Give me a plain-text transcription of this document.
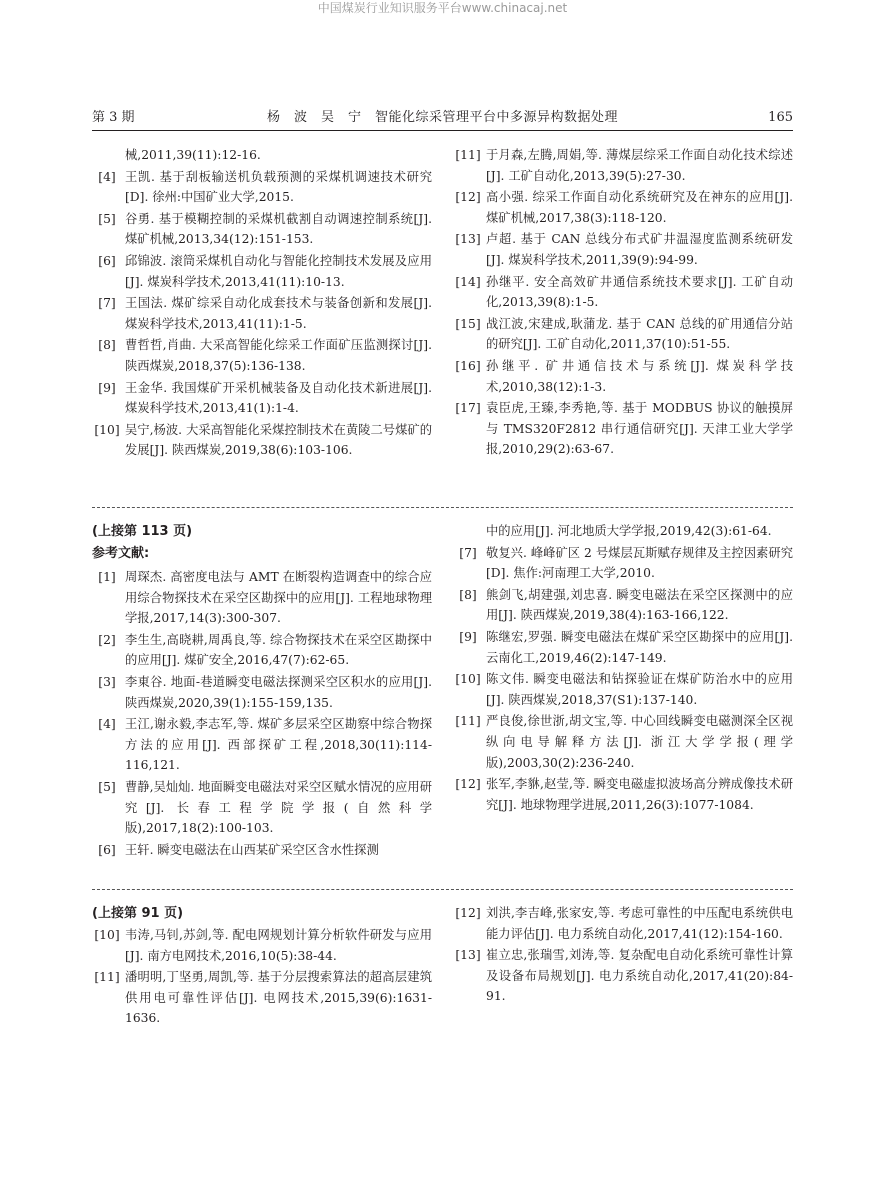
中国煤炭行业知识服务平台www.chinacaj.net
第 3 期	杨　波　吴　宁　智能化综采管理平台中多源异构数据处理	165
械,2011,39(11):12-16.
[4] 王凯. 基于刮板输送机负载预测的采煤机调速技术研究[D]. 徐州:中国矿业大学,2015.
[5] 谷勇. 基于模糊控制的采煤机截割自动调速控制系统[J]. 煤矿机械,2013,34(12):151-153.
[6] 邱锦波. 滚筒采煤机自动化与智能化控制技术发展及应用[J]. 煤炭科学技术,2013,41(11):10-13.
[7] 王国法. 煤矿综采自动化成套技术与装备创新和发展[J]. 煤炭科学技术,2013,41(11):1-5.
[8] 曹哲哲,肖曲. 大采高智能化综采工作面矿压监测探讨[J]. 陕西煤炭,2018,37(5):136-138.
[9] 王金华. 我国煤矿开采机械装备及自动化技术新进展[J]. 煤炭科学技术,2013,41(1):1-4.
[10] 吴宁,杨波. 大采高智能化采煤控制技术在黄陵二号煤矿的发展[J]. 陕西煤炭,2019,38(6):103-106.
[11] 于月森,左腾,周娟,等. 薄煤层综采工作面自动化技术综述[J]. 工矿自动化,2013,39(5):27-30.
[12] 高小强. 综采工作面自动化系统研究及在神东的应用[J]. 煤矿机械,2017,38(3):118-120.
[13] 卢超. 基于 CAN 总线分布式矿井温湿度监测系统研发[J]. 煤炭科学技术,2011,39(9):94-99.
[14] 孙继平. 安全高效矿井通信系统技术要求[J]. 工矿自动化,2013,39(8):1-5.
[15] 战江波,宋建成,耿蒲龙. 基于 CAN 总线的矿用通信分站的研究[J]. 工矿自动化,2011,37(10):51-55.
[16] 孙继平. 矿井通信技术与系统[J]. 煤炭科学技术,2010,38(12):1-3.
[17] 袁臣虎,王臻,李秀艳,等. 基于 MODBUS 协议的触摸屏与 TMS320F2812 串行通信研究[J]. 天津工业大学学报,2010,29(2):63-67.
(上接第 113 页)
参考文献:
[1] 周琛杰. 高密度电法与 AMT 在断裂构造调查中的综合应用综合物探技术在采空区勘探中的应用[J]. 工程地球物理学报,2017,14(3):300-307.
[2] 李生生,高晓耕,周禹良,等. 综合物探技术在采空区勘探中的应用[J]. 煤矿安全,2016,47(7):62-65.
[3] 李東谷. 地面-巷道瞬变电磁法探测采空区积水的应用[J]. 陕西煤炭,2020,39(1):155-159,135.
[4] 王江,谢永毅,李志军,等. 煤矿多层采空区勘察中综合物探方法的应用[J]. 西部探矿工程,2018,30(11):114-116,121.
[5] 曹静,吴灿灿. 地面瞬变电磁法对采空区赋水情况的应用研究[J]. 长春工程学院学报(自然科学版),2017,18(2):100-103.
[6] 王轩. 瞬变电磁法在山西某矿采空区含水性探测
中的应用[J]. 河北地质大学学报,2019,42(3):61-64.
[7] 敬复兴. 峰峰矿区 2 号煤层瓦斯赋存规律及主控因素研究[D]. 焦作:河南理工大学,2010.
[8] 熊剑飞,胡建强,刘忠喜. 瞬变电磁法在采空区探测中的应用[J]. 陕西煤炭,2019,38(4):163-166,122.
[9] 陈继宏,罗强. 瞬变电磁法在煤矿采空区勘探中的应用[J]. 云南化工,2019,46(2):147-149.
[10] 陈文伟. 瞬变电磁法和钻探验证在煤矿防治水中的应用[J]. 陕西煤炭,2018,37(S1):137-140.
[11] 严良俊,徐世浙,胡文宝,等. 中心回线瞬变电磁测深全区视纵向电导解释方法[J]. 浙江大学学报(理学版),2003,30(2):236-240.
[12] 张军,李貅,赵莹,等. 瞬变电磁虚拟波场高分辨成像技术研究[J]. 地球物理学进展,2011,26(3):1077-1084.
(上接第 91 页)
[10] 韦涛,马钊,苏剑,等. 配电网规划计算分析软件研发与应用[J]. 南方电网技术,2016,10(5):38-44.
[11] 潘明明,丁坚勇,周凯,等. 基于分层搜索算法的超高层建筑供用电可靠性评估[J]. 电网技术,2015,39(6):1631-1636.
[12] 刘洪,李吉峰,张家安,等. 考虑可靠性的中压配电系统供电能力评估[J]. 电力系统自动化,2017,41(12):154-160.
[13] 崔立忠,张瑞雪,刘涛,等. 复杂配电自动化系统可靠性计算及设备布局规划[J]. 电力系统自动化,2017,41(20):84-91.
